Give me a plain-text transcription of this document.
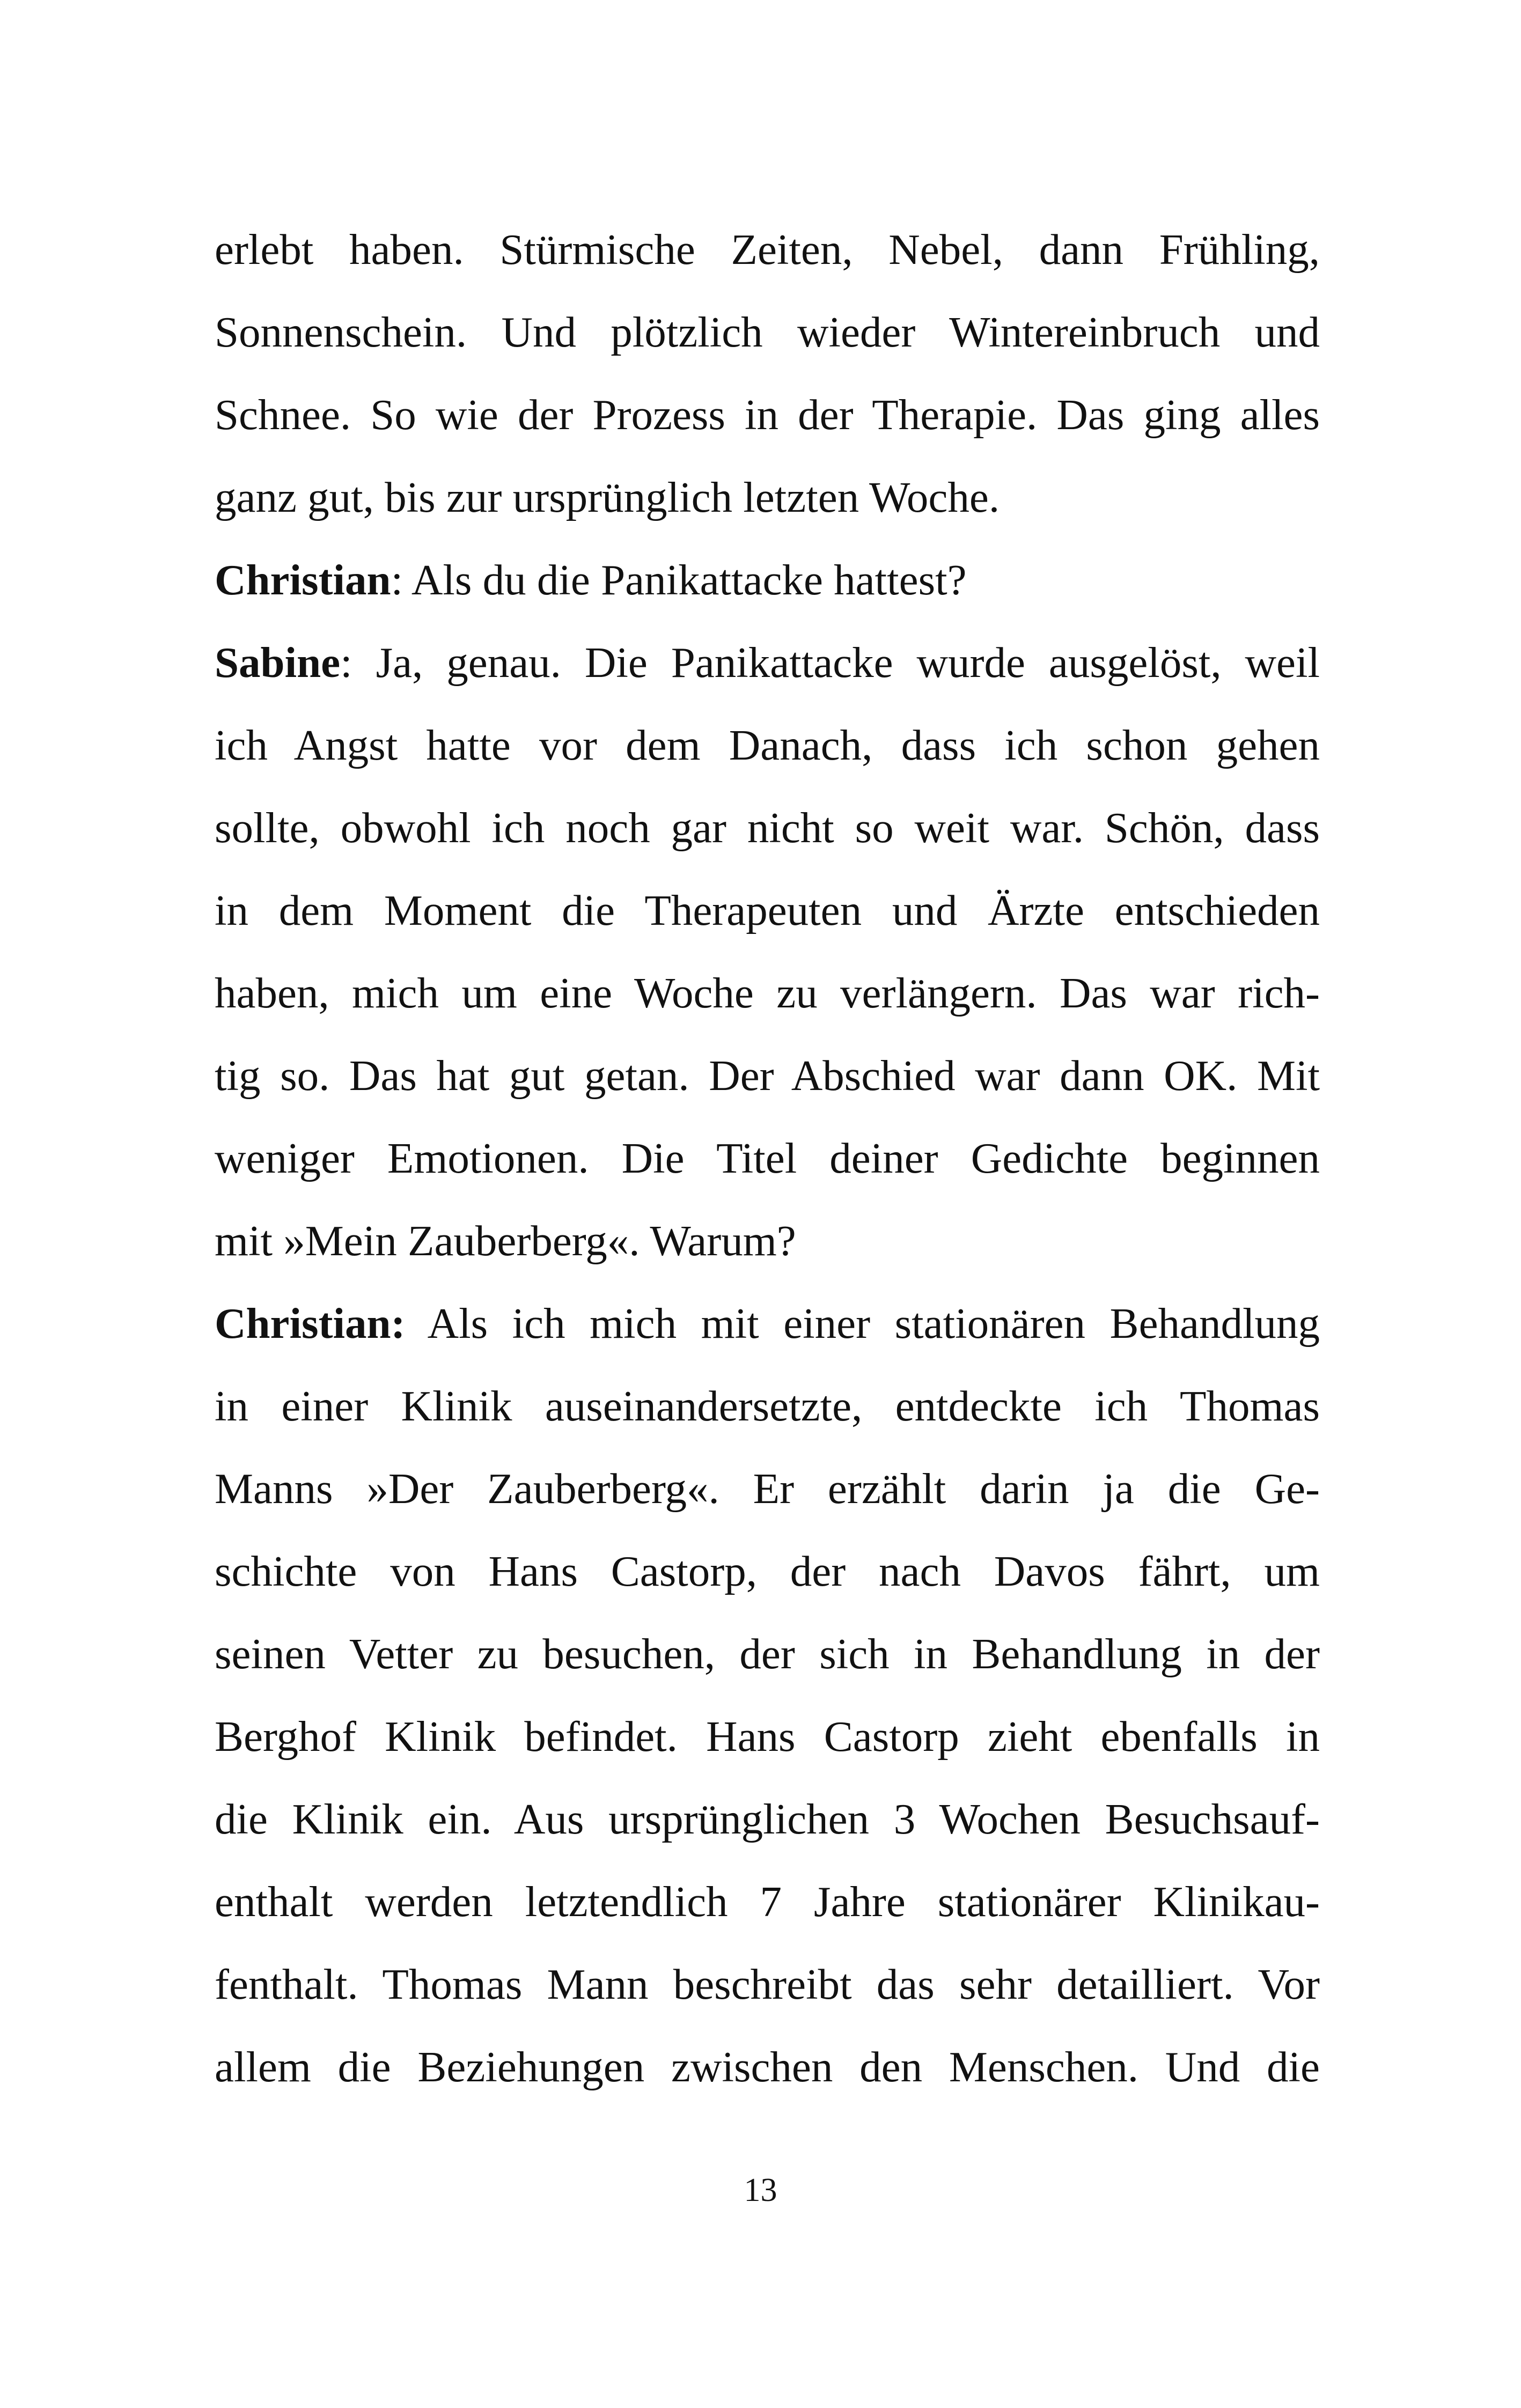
erlebt haben. Stürmische Zeiten, Nebel, dann Frühling,
Sonnenschein. Und plötzlich wieder Wintereinbruch und
Schnee. So wie der Prozess in der Therapie. Das ging alles
ganz gut, bis zur ursprünglich letzten Woche.
Christian: Als du die Panikattacke hattest?
Sabine: Ja, genau. Die Panikattacke wurde ausgelöst, weil
ich Angst hatte vor dem Danach, dass ich schon gehen
sollte, obwohl ich noch gar nicht so weit war. Schön, dass
in dem Moment die Therapeuten und Ärzte entschieden
haben, mich um eine Woche zu verlängern. Das war rich-
tig so. Das hat gut getan. Der Abschied war dann OK. Mit
weniger Emotionen. Die Titel deiner Gedichte beginnen
mit »Mein Zauberberg«. Warum?
Christian: Als ich mich mit einer stationären Behandlung
in einer Klinik auseinandersetzte, entdeckte ich Thomas
Manns »Der Zauberberg«. Er erzählt darin ja die Ge-
schichte von Hans Castorp, der nach Davos fährt, um
seinen Vetter zu besuchen, der sich in Behandlung in der
Berghof Klinik befindet. Hans Castorp zieht ebenfalls in
die Klinik ein. Aus ursprünglichen 3 Wochen Besuchsauf-
enthalt werden letztendlich 7 Jahre stationärer Klinikau-
fenthalt. Thomas Mann beschreibt das sehr detailliert. Vor
allem die Beziehungen zwischen den Menschen. Und die
13
